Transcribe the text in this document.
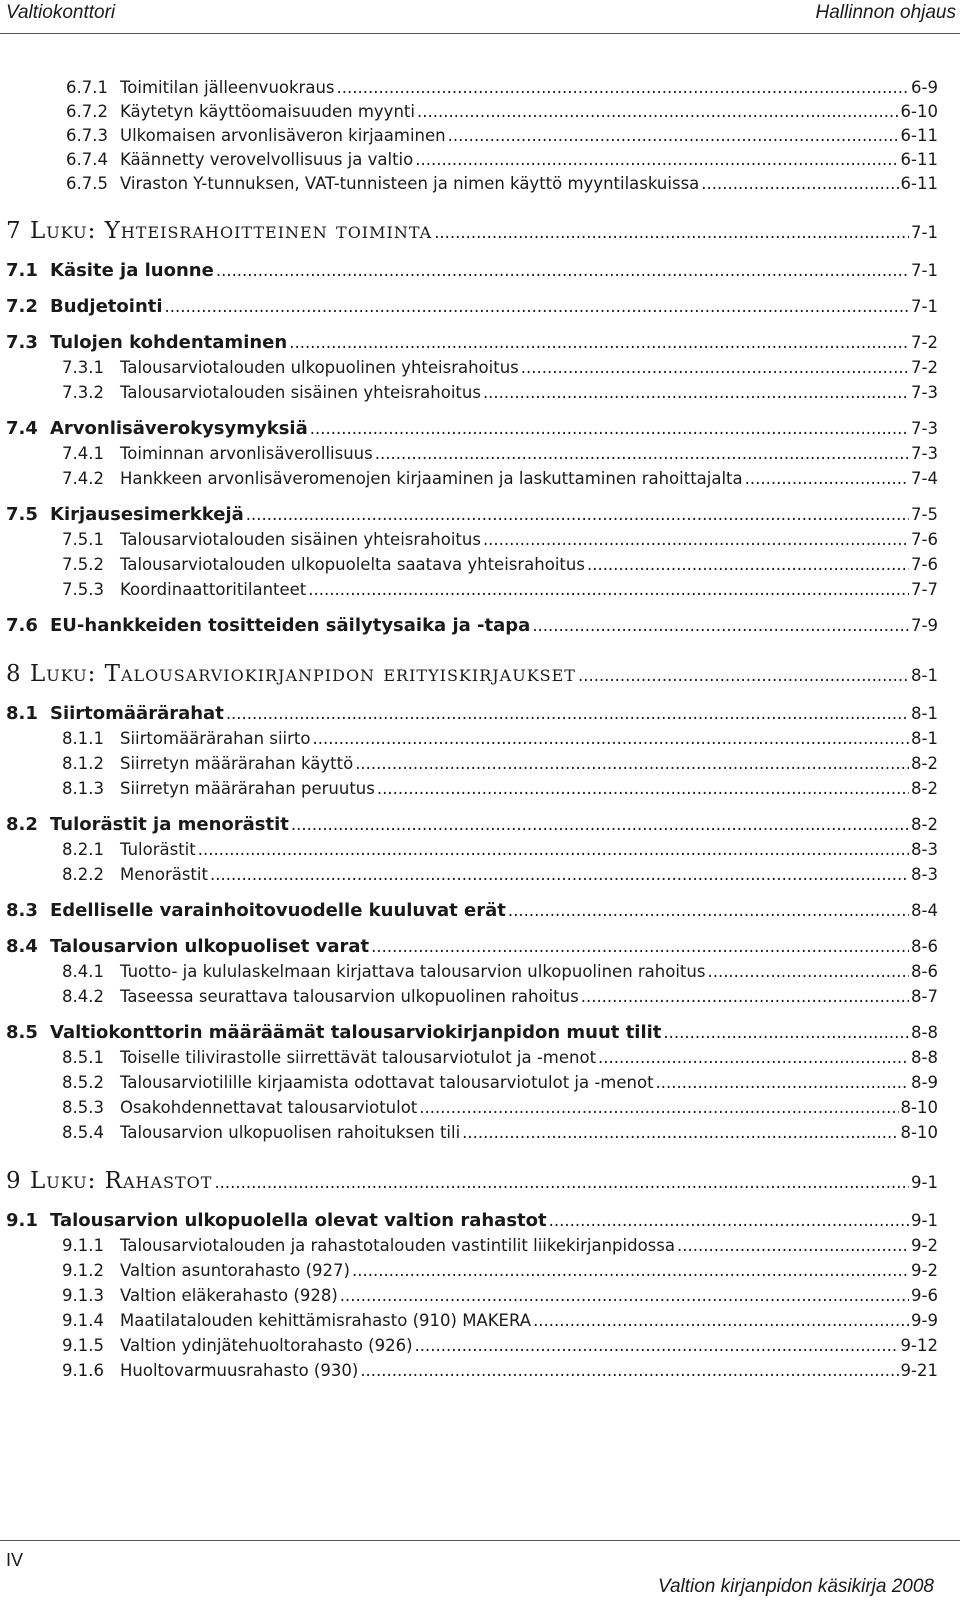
Valtiokonttori	Hallinnon ohjaus
6.7.1 Toimitilan jälleenvuokraus .....	6-9
6.7.2 Käytetyn käyttöomaisuuden myynti .....	6-10
6.7.3 Ulkomaisen arvonlisäveron kirjaaminen .....	6-11
6.7.4 Käännetty verovelvollisuus ja valtio .....	6-11
6.7.5 Viraston Y-tunnuksen, VAT-tunnisteen ja nimen käyttö myyntilaskuissa .....	6-11
7 Luku: Yhteisrahoitteinen toiminta .....	7-1
7.1 Käsite ja luonne .....	7-1
7.2 Budjetointi .....	7-1
7.3 Tulojen kohdentaminen .....	7-2
7.3.1 Talousarviotalouden ulkopuolinen yhteisrahoitus .....	7-2
7.3.2 Talousarviotalouden sisäinen yhteisrahoitus .....	7-3
7.4 Arvonlisäverokysymyksiä .....	7-3
7.4.1 Toiminnan arvonlisäverollisuus .....	7-3
7.4.2 Hankkeen arvonlisäveromenojen kirjaaminen ja laskuttaminen rahoittajalta .....	7-4
7.5 Kirjausesimerkkejä .....	7-5
7.5.1 Talousarviotalouden sisäinen yhteisrahoitus .....	7-6
7.5.2 Talousarviotalouden ulkopuolelta saatava yhteisrahoitus .....	7-6
7.5.3 Koordinaattoritilanteet .....	7-7
7.6 EU-hankkeiden tositteiden säilytysaika ja -tapa .....	7-9
8 Luku: Talousarviokirjanpidon erityiskirjaukset .....	8-1
8.1 Siirtomäärärahat .....	8-1
8.1.1 Siirtomäärärahan siirto .....	8-1
8.1.2 Siirretyn määrärahan käyttö .....	8-2
8.1.3 Siirretyn määrärahan peruutus .....	8-2
8.2 Tulorästit ja menorästit .....	8-2
8.2.1 Tulorästit .....	8-3
8.2.2 Menorästit .....	8-3
8.3 Edelliselle varainhoitovuodelle kuuluvat erät .....	8-4
8.4 Talousarvion ulkopuoliset varat .....	8-6
8.4.1 Tuotto- ja kululaskelmaan kirjattava talousarvion ulkopuolinen rahoitus .....	8-6
8.4.2 Taseessa seurattava talousarvion ulkopuolinen rahoitus .....	8-7
8.5 Valtiokonttorin määräämät talousarviokirjanpidon muut tilit .....	8-8
8.5.1 Toiselle tilivirastolle siirrettävät talousarviotulot ja -menot .....	8-8
8.5.2 Talousarviotilille kirjaamista odottavat talousarviotulot ja -menot .....	8-9
8.5.3 Osakohdennettavat talousarviotulot .....	8-10
8.5.4 Talousarvion ulkopuolisen rahoituksen tili .....	8-10
9 Luku: Rahastot .....	9-1
9.1 Talousarvion ulkopuolella olevat valtion rahastot .....	9-1
9.1.1 Talousarviotalouden ja rahastotalouden vastintilit liikekirjanpidossa .....	9-2
9.1.2 Valtion asuntorahasto (927) .....	9-2
9.1.3 Valtion eläkerahasto (928) .....	9-6
9.1.4 Maatilatalouden kehittämisrahasto (910) MAKERA .....	9-9
9.1.5 Valtion ydinjätehuoltorahasto (926) .....	9-12
9.1.6 Huoltovarmuusrahasto (930) .....	9-21
IV
Valtion kirjanpidon käsikirja 2008
